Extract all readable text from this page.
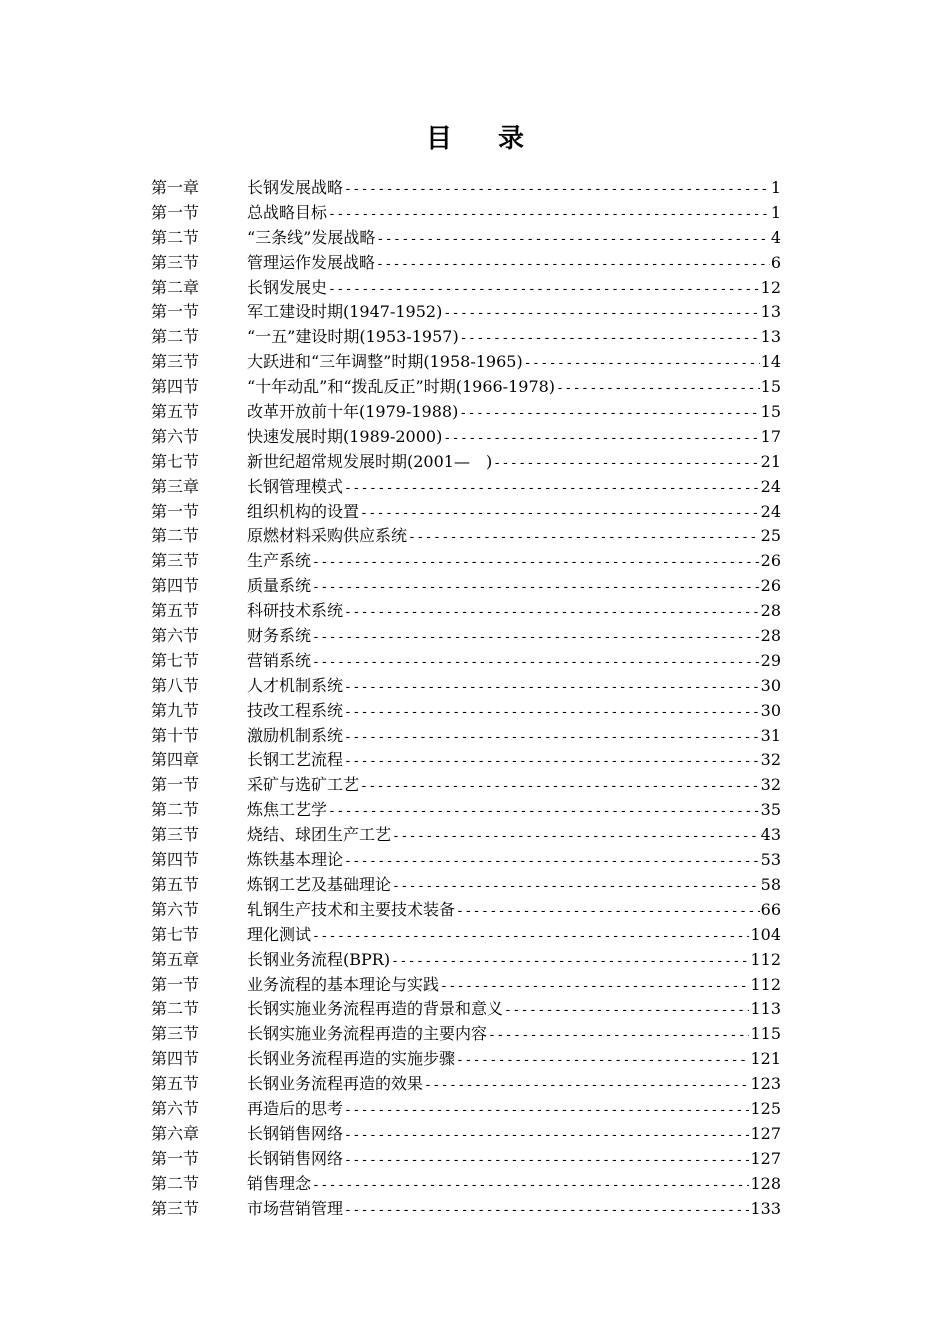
目 录
第一章	长钢发展战略 -----	1
第一节	总战略目标 -----	1
第二节	“三条线”发展战略 -----	4
第三节	管理运作发展战略 -----	6
第二章	长钢发展史 -----	12
第一节	军工建设时期(1947-1952) -----	13
第二节	“一五”建设时期(1953-1957) -----	13
第三节	大跃进和“三年调整”时期(1958-1965) -----	14
第四节	“十年动乱”和“拨乱反正”时期(1966-1978) -----	15
第五节	改革开放前十年(1979-1988) -----	15
第六节	快速发展时期(1989-2000) -----	17
第七节	新世纪超常规发展时期(2001—　) -----	21
第三章	长钢管理模式 -----	24
第一节	组织机构的设置 -----	24
第二节	原燃材料采购供应系统 -----	25
第三节	生产系统 -----	26
第四节	质量系统 -----	26
第五节	科研技术系统 -----	28
第六节	财务系统 -----	28
第七节	营销系统 -----	29
第八节	人才机制系统 -----	30
第九节	技改工程系统 -----	30
第十节	激励机制系统 -----	31
第四章	长钢工艺流程 -----	32
第一节	采矿与选矿工艺 -----	32
第二节	炼焦工艺学 -----	35
第三节	烧结、球团生产工艺 -----	43
第四节	炼铁基本理论 -----	53
第五节	炼钢工艺及基础理论 -----	58
第六节	轧钢生产技术和主要技术装备 -----	66
第七节	理化测试 -----	104
第五章	长钢业务流程(BPR) -----	112
第一节	业务流程的基本理论与实践 -----	112
第二节	长钢实施业务流程再造的背景和意义 -----	113
第三节	长钢实施业务流程再造的主要内容 -----	115
第四节	长钢业务流程再造的实施步骤 -----	121
第五节	长钢业务流程再造的效果 -----	123
第六节	再造后的思考 -----	125
第六章	长钢销售网络 -----	127
第一节	长钢销售网络 -----	127
第二节	销售理念 -----	128
第三节	市场营销管理 -----	133
